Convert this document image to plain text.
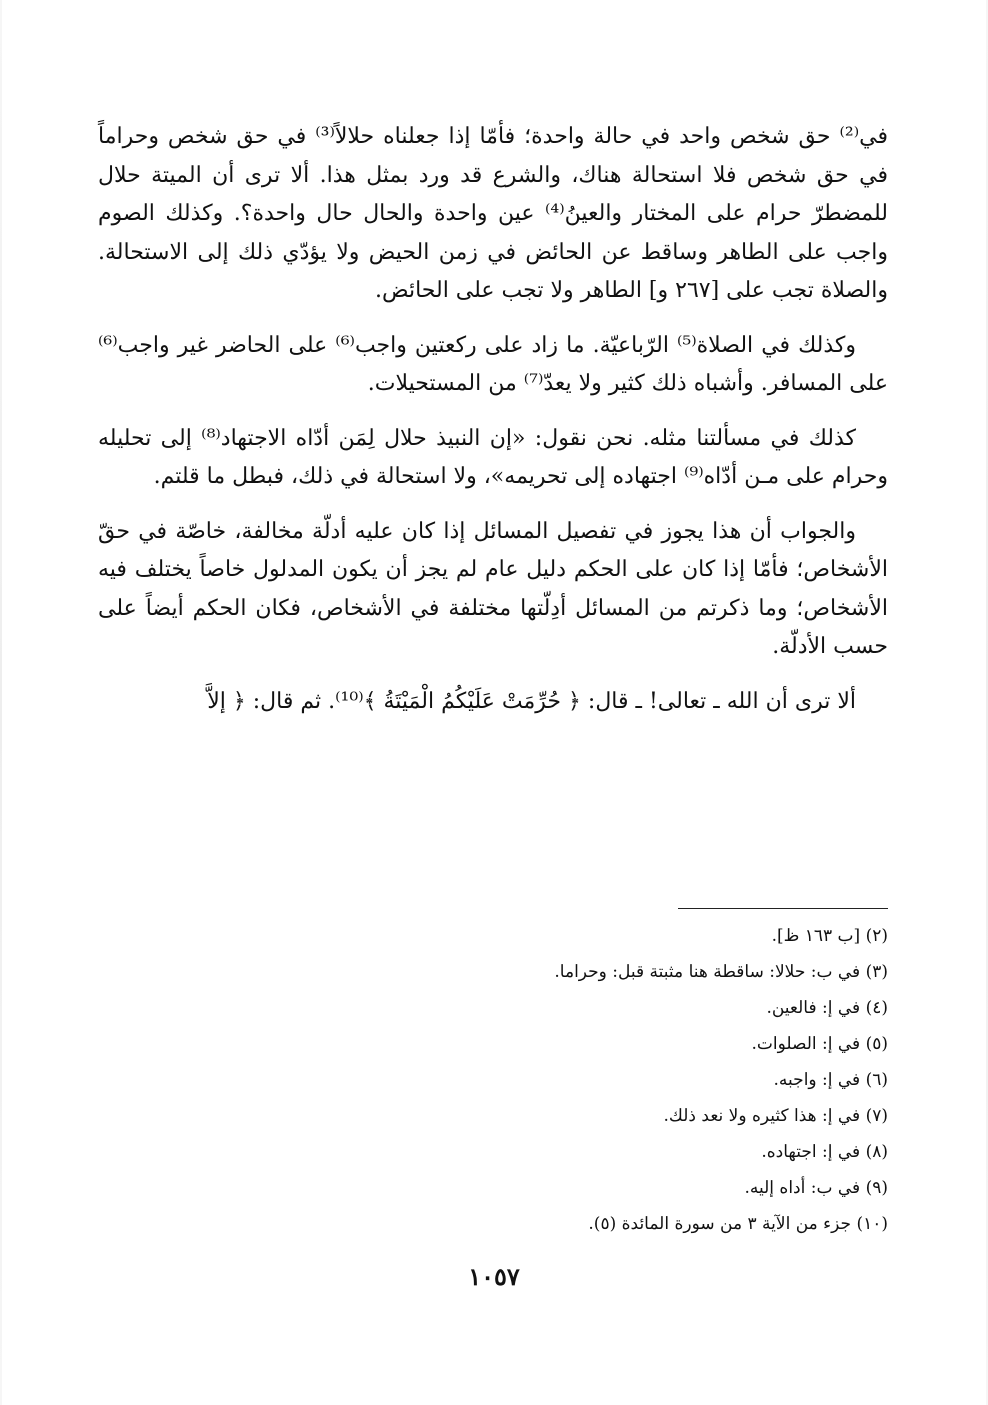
في⁽²⁾ حق شخص واحد في حالة واحدة؛ فأمّا إذا جعلناه حلالاً⁽³⁾ في حق شخص وحراماً في حق شخص فلا استحالة هناك، والشرع قد ورد بمثل هذا. ألا ترى أن الميتة حلال للمضطرّ حرام على المختار والعينُ⁽⁴⁾ عين واحدة والحال حال واحدة؟. وكذلك الصوم واجب على الطاهر وساقط عن الحائض في زمن الحيض ولا يؤدّي ذلك إلى الاستحالة. والصلاة تجب على [٢٦٧ و] الطاهر ولا تجب على الحائض.

وكذلك في الصلاة⁽⁵⁾ الرّباعيّة. ما زاد على ركعتين واجب⁽⁶⁾ على الحاضر غير واجب⁽⁶⁾ على المسافر. وأشباه ذلك كثير ولا يعدّ⁽⁷⁾ من المستحيلات.

كذلك في مسألتنا مثله. نحن نقول: «إن النبيذ حلال لِمَن أدّاه الاجتهاد⁽⁸⁾ إلى تحليله وحرام على مـن أدّاه⁽⁹⁾ اجتهاده إلى تحريمه»، ولا استحالة في ذلك، فبطل ما قلتم.

والجواب أن هذا يجوز في تفصيل المسائل إذا كان عليه أدلّة مخالفة، خاصّة في حقّ الأشخاص؛ فأمّا إذا كان على الحكم دليل عام لم يجز أن يكون المدلول خاصاً يختلف فيه الأشخاص؛ وما ذكرتم من المسائل أدِلّتها مختلفة في الأشخاص، فكان الحكم أيضاً على حسب الأدلّة.

ألا ترى أن الله ـ تعالى! ـ قال: ﴿ حُرِّمَتْ عَلَيْكُمُ الْمَيْتَةُ ﴾⁽¹⁰⁾. ثم قال: ﴿ إلاَّ

(٢) [ب ١٦٣ ظ].
(٣) في ب: حلالا: ساقطة هنا مثبتة قبل: وحراما.
(٤) في إ: فالعين.
(٥) في إ: الصلوات.
(٦) في إ: واجبه.
(٧) في إ: هذا كثيره ولا نعد ذلك.
(٨) في إ: اجتهاده.
(٩) في ب: أداه إليه.
(١٠) جزء من الآية ٣ من سورة المائدة (٥).
١٠٥٧
